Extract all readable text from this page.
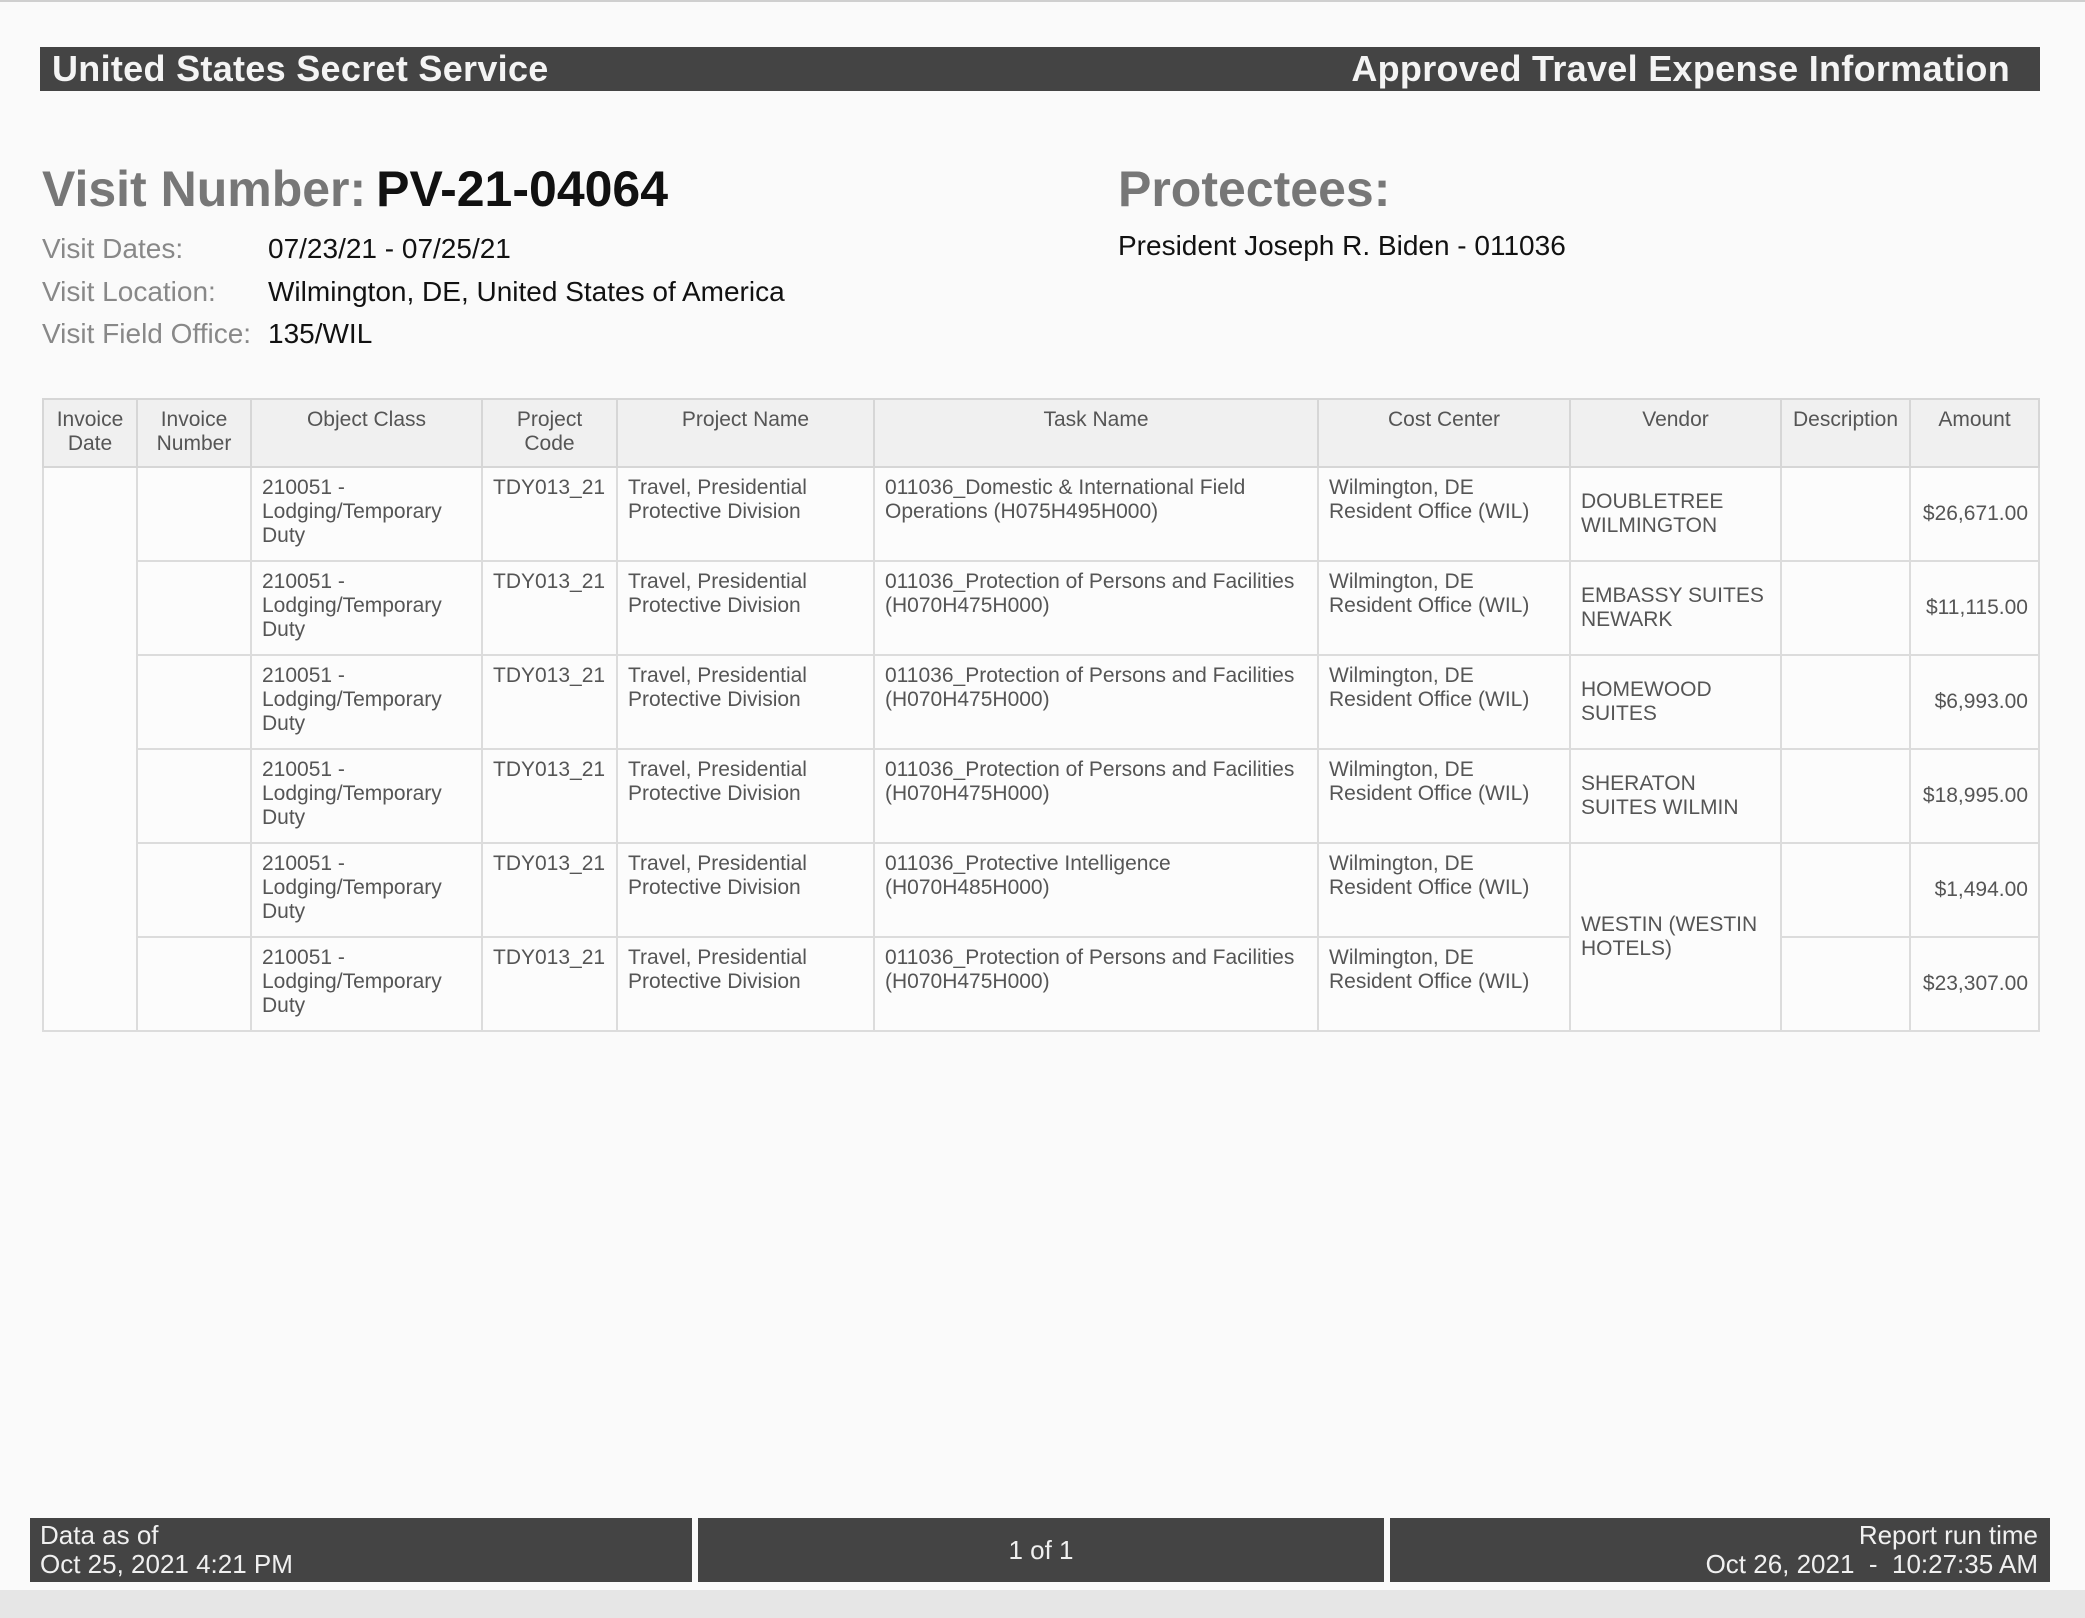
United States Secret Service	Approved Travel Expense Information
Visit Number: PV-21-04064	Protectees:
President Joseph R. Biden - 011036
Visit Dates:	07/23/21 - 07/25/21
Visit Location: Wilmington, DE, United States of America
Visit Field Office: 135/WIL
Invoice Date	Invoice Number	Object Class	Project Code	Project Name	Task Name	Cost Center	Vendor	Description	Amount
		210051 - Lodging/Temporary Duty	TDY013_21	Travel, Presidential Protective Division	011036_Domestic & International Field Operations (H075H495H000)	Wilmington, DE Resident Office (WIL)	DOUBLETREE WILMINGTON		$26,671.00
		210051 - Lodging/Temporary Duty	TDY013_21	Travel, Presidential Protective Division	011036_Protection of Persons and Facilities (H070H475H000)	Wilmington, DE Resident Office (WIL)	EMBASSY SUITES NEWARK		$11,115.00
		210051 - Lodging/Temporary Duty	TDY013_21	Travel, Presidential Protective Division	011036_Protection of Persons and Facilities (H070H475H000)	Wilmington, DE Resident Office (WIL)	HOMEWOOD SUITES		$6,993.00
		210051 - Lodging/Temporary Duty	TDY013_21	Travel, Presidential Protective Division	011036_Protection of Persons and Facilities (H070H475H000)	Wilmington, DE Resident Office (WIL)	SHERATON SUITES WILMIN		$18,995.00
		210051 - Lodging/Temporary Duty	TDY013_21	Travel, Presidential Protective Division	011036_Protective Intelligence (H070H485H000)	Wilmington, DE Resident Office (WIL)	WESTIN (WESTIN HOTELS)		$1,494.00
		210051 - Lodging/Temporary Duty	TDY013_21	Travel, Presidential Protective Division	011036_Protection of Persons and Facilities (H070H475H000)	Wilmington, DE Resident Office (WIL)			$23,307.00
Data as of
Oct 25, 2021 4:21 PM	1 of 1	Report run time
Oct 26, 2021  -  10:27:35 AM
